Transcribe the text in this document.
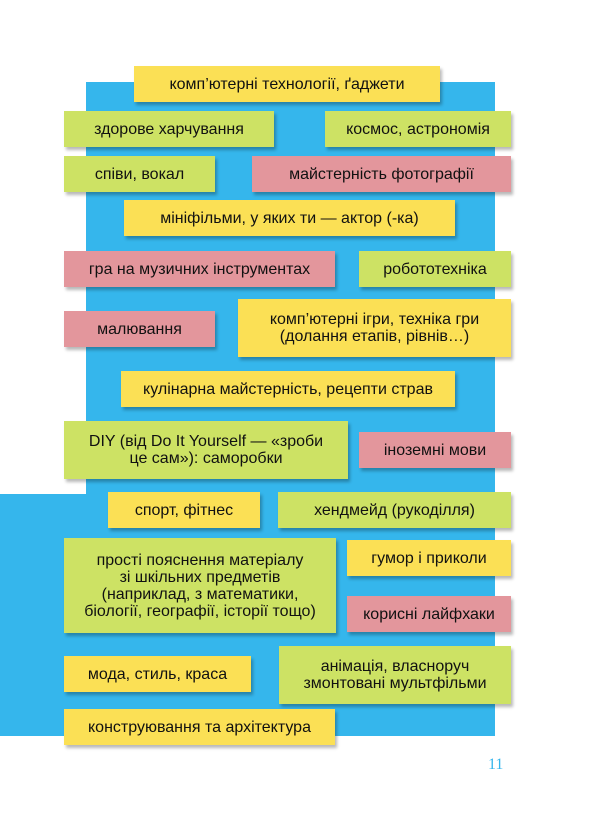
комп’ютерні технології, ґаджети
здорове харчування	космос, астрономія
співи, вокал	майстерність фотографії
мініфільми, у яких ти — актор (-ка)
гра на музичних інструментах	робототехніка
малювання
комп’ютерні ігри, техніка гри
(долання етапів, рівнів…)
кулінарна майстерність, рецепти страв
DIY (від Do It Yourself — «зроби
це сам»): саморобки	іноземні мови
спорт, фітнес	хендмейд (рукоділля)
прості пояснення матеріалу
зі шкільних предметів
(наприклад, з математики,
біології, географії, історії тощо)
гумор і приколи
корисні лайфхаки
мода, стиль, краса	анімація, власноруч
змонтовані мультфільми
конструювання та архітектура
11
